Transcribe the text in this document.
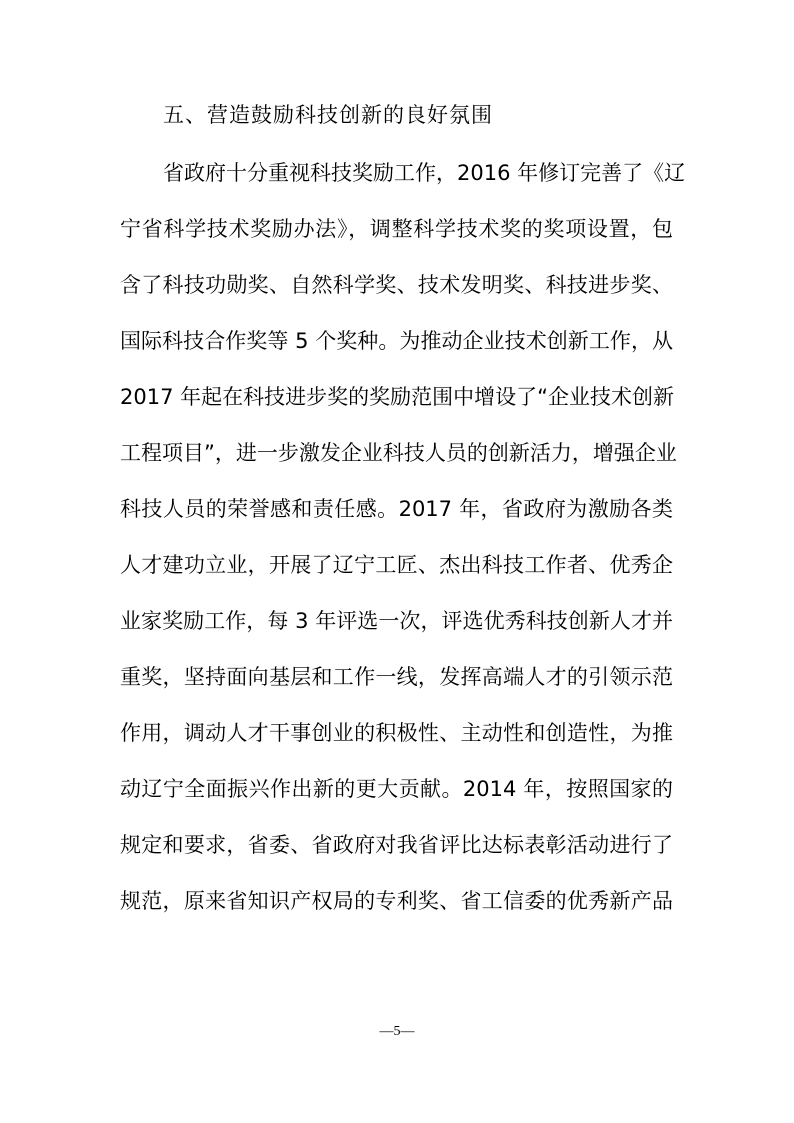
五、营造鼓励科技创新的良好氛围
省政府十分重视科技奖励工作，2016 年修订完善了《辽
宁省科学技术奖励办法》，调整科学技术奖的奖项设置，包
含了科技功勋奖、自然科学奖、技术发明奖、科技进步奖、
国际科技合作奖等 5 个奖种。为推动企业技术创新工作，从
2017 年起在科技进步奖的奖励范围中增设了“企业技术创新
工程项目”，进一步激发企业科技人员的创新活力，增强企业
科技人员的荣誉感和责任感。2017 年，省政府为激励各类
人才建功立业，开展了辽宁工匠、杰出科技工作者、优秀企
业家奖励工作，每 3 年评选一次，评选优秀科技创新人才并
重奖，坚持面向基层和工作一线，发挥高端人才的引领示范
作用，调动人才干事创业的积极性、主动性和创造性，为推
动辽宁全面振兴作出新的更大贡献。2014 年，按照国家的
规定和要求，省委、省政府对我省评比达标表彰活动进行了
规范，原来省知识产权局的专利奖、省工信委的优秀新产品
—5—
